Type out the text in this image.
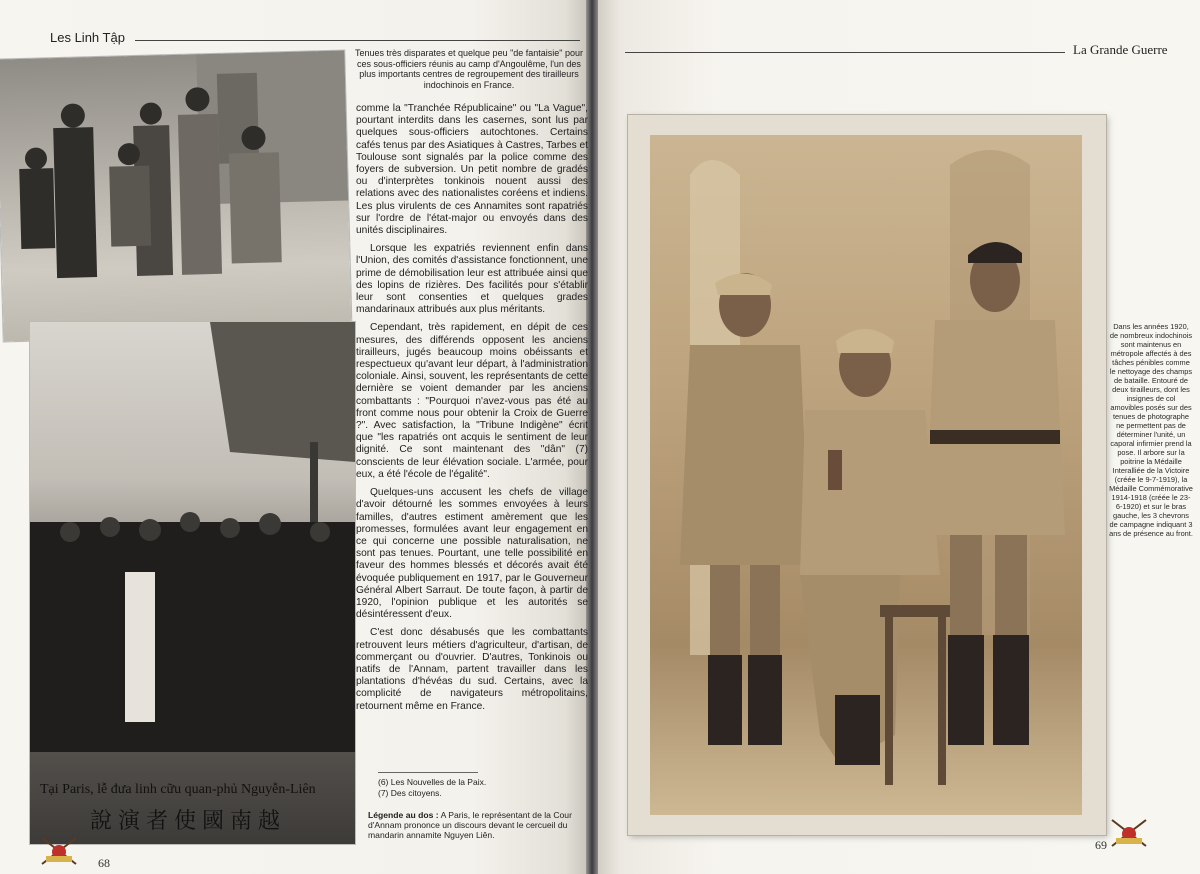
Les Linh Tập
Tại Paris, lễ đưa linh cữu quan-phủ Nguyễn-Liên
越南國使者演說
Tenues très disparates et quelque peu "de fantaisie" pour ces sous-officiers réunis au camp d'Angoulême, l'un des plus importants centres de regroupement des tirailleurs indochinois en France.

comme la "Tranchée Républicaine" ou "La Vague", pourtant interdits dans les casernes, sont lus par quelques sous-officiers autochtones. Certains cafés tenus par des Asiatiques à Castres, Tarbes et Toulouse sont signalés par la police comme des foyers de subversion. Un petit nombre de gradés ou d'interprètes tonkinois nouent aussi des relations avec des nationalistes coréens et indiens. Les plus virulents de ces Annamites sont rapatriés sur l'ordre de l'état-major ou envoyés dans des unités disciplinaires.

Lorsque les expatriés reviennent enfin dans l'Union, des comités d'assistance fonctionnent, une prime de démobilisation leur est attribuée ainsi que des lopins de rizières. Des facilités pour s'établir leur sont consenties et quelques grades mandarinaux attribués aux plus méritants.

Cependant, très rapidement, en dépit de ces mesures, des différends opposent les anciens tirailleurs, jugés beaucoup moins obéissants et respectueux qu'avant leur départ, à l'administration coloniale. Ainsi, souvent, les représentants de cette dernière se voient demander par les anciens combattants : "Pourquoi n'avez-vous pas été au front comme nous pour obtenir la Croix de Guerre ?". Avec satisfaction, la "Tribune Indigène" écrit que "les rapatriés ont acquis le sentiment de leur dignité. Ce sont maintenant des "dân" (7) conscients de leur élévation sociale. L'armée, pour eux, a été l'école de l'égalité".

Quelques-uns accusent les chefs de village d'avoir détourné les sommes envoyées à leurs familles, d'autres estiment amèrement que les promesses, formulées avant leur engagement en ce qui concerne une possible naturalisation, ne sont pas tenues. Pourtant, une telle possibilité en faveur des hommes blessés et décorés avait été évoquée publiquement en 1917, par le Gouverneur Général Albert Sarraut. De toute façon, à partir de 1920, l'opinion publique et les autorités se désintéressent d'eux.

C'est donc désabusés que les combattants retrouvent leurs métiers d'agriculteur, d'artisan, de commerçant ou d'ouvrier. D'autres, Tonkinois ou natifs de l'Annam, partent travailler dans les plantations d'hévéas du sud. Certains, avec la complicité de navigateurs métropolitains, retournent même en France.

(6) Les Nouvelles de la Paix.
(7) Des citoyens.
Légende au dos : A Paris, le représentant de la Cour d'Annam prononce un discours devant le cercueil du mandarin annamite Nguyen Liên.
68
La Grande Guerre
Dans les années 1920, de nombreux indochinois sont maintenus en métropole affectés à des tâches pénibles comme le nettoyage des champs de bataille. Entouré de deux tirailleurs, dont les insignes de col amovibles posés sur des tenues de photographe ne permettent pas de déterminer l'unité, un caporal infirmier prend la pose. Il arbore sur la poitrine la Médaille Interalliée de la Victoire (créée le 9-7-1919), la Médaille Commémorative 1914-1918 (créée le 23-6-1920) et sur le bras gauche, les 3 chevrons de campagne indiquant 3 ans de présence au front.
69
